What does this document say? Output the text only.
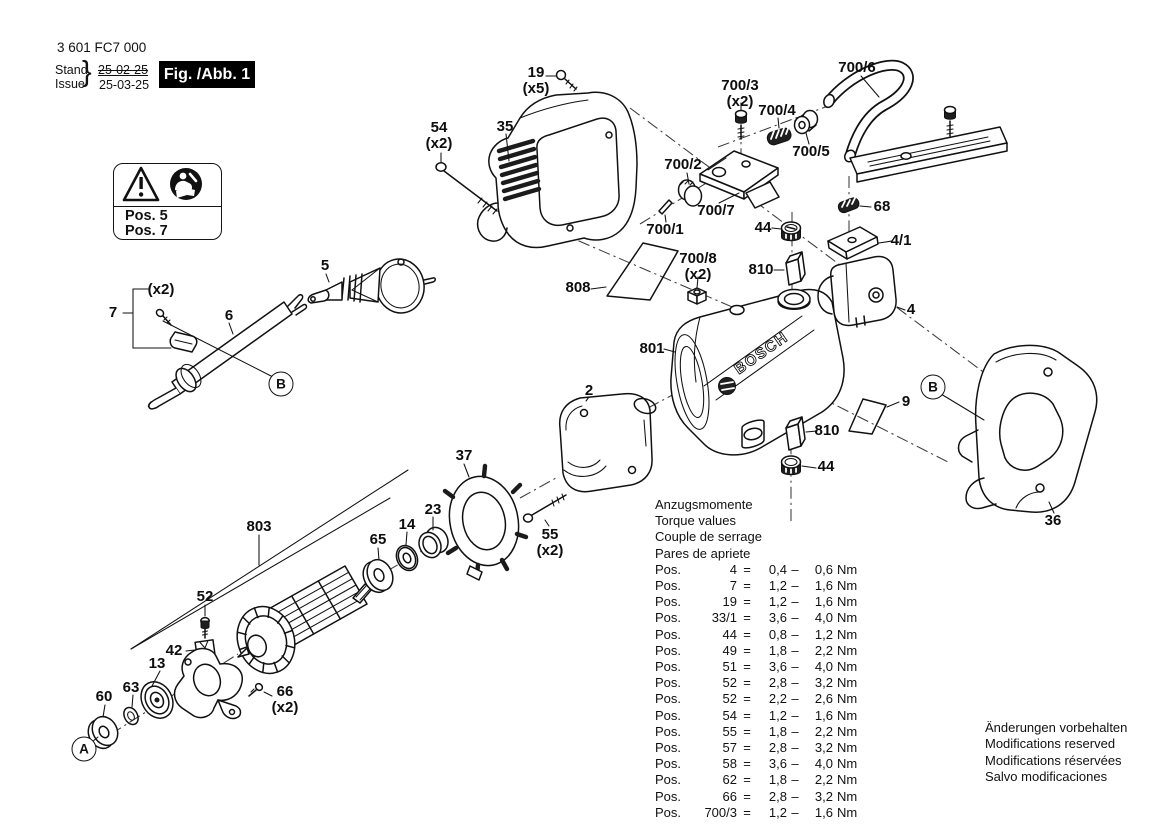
BOSCH
3 601 FC7 000
Stand
Issue
} 25-02-25
25-03-25
Fig. /Abb. 1
Pos. 5
Pos. 7
19
(x5)
35
54
(x2)
700/3
(x2)
700/4
700/5
700/6
700/2
700/7
700/1
68
44
810
4/1
808
700/8
(x2)
801
4
5
(x2)
7	6
2
37
23
55
(x2)
803
65
14
52
42
13
63
60	66
(x2)
9
810
44
36
A
B	B
Anzugsmomente
Torque values
Couple de serrage
Pares de apriete
Pos.	4 =	0,4 –	0,6 Nm
Pos.	7 =	1,2 –	1,6 Nm
Pos.	19 =	1,2 –	1,6 Nm
Pos.	33/1 =	3,6 –	4,0 Nm
Pos.	44 =	0,8 –	1,2 Nm
Pos.	49 =	1,8 –	2,2 Nm
Pos.	51 =	3,6 –	4,0 Nm
Pos.	52 =	2,8 –	3,2 Nm
Pos.	52 =	2,2 –	2,6 Nm
Pos.	54 =	1,2 –	1,6 Nm
Pos.	55 =	1,8 –	2,2 Nm
Pos.	57 =	2,8 –	3,2 Nm
Pos.	58 =	3,6 –	4,0 Nm
Pos.	62 =	1,8 –	2,2 Nm
Pos.	66 =	2,8 –	3,2 Nm
Pos.	700/3 =	1,2 –	1,6 Nm
Änderungen vorbehalten
Modifications reserved
Modifications réservées
Salvo modificaciones
